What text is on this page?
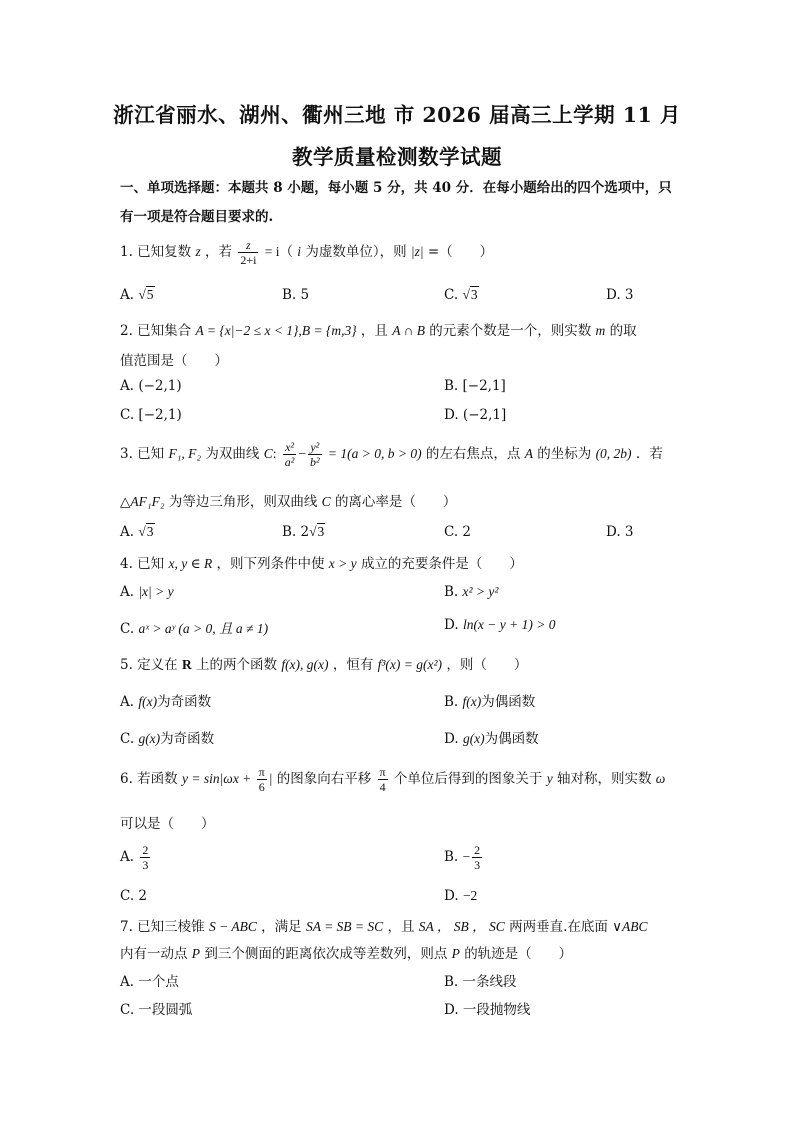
浙江省丽水、湖州、衢州三地 市 2026 届高三上学期 11 月
教学质量检测数学试题
一、单项选择题：本题共 8 小题，每小题 5 分，共 40 分．在每小题给出的四个选项中，只
有一项是符合题目要求的.
1. 已知复数 z ，若 $\frac{z}{2+i} = i$（ i 为虚数单位），则 |z| =（　　）
A. √5	B. 5	C. √3	D. 3
2. 已知集合 A = {x|−2 ≤ x < 1},B = {m,3} ，且 A ∩ B 的元素个数是一个，则实数 m 的取
值范围是（　　）
A. (−2,1)	B. [−2,1]
C. [−2,1)	D. (−2,1]
3. 已知 F₁, F₂ 为双曲线 C: $\frac{\text{x²}}{\text{a²}} - \frac{\text{y²}}{\text{b²}} = 1(a > 0$, b > 0) 的左右焦点，点 A 的坐标为 (0, 2b) ．若
△AF₁F₂ 为等边三角形，则双曲线 C 的离心率是（　　）
A. √3	B. 2√3	C. 2	D. 3
4. 已知 x, y ∈ R ，则下列条件中使 x > y 成立的充要条件是（　　）
A. |x| > y	B. x² > y²
C. aˣ > aʸ (a > 0, 且 a ≠ 1)	D. ln(x − y + 1) > 0
5. 定义在 R 上的两个函数 f(x), g(x) ，恒有 f³(x) = g(x²) ，则（　　）
A. f(x)为奇函数	B. f(x)为偶函数
C. g(x)为奇函数	D. g(x)为偶函数
6. 若函数 $y = \sin|\omega x + \frac{\pi}{6}$ | 的图象向右平移 $\frac{\pi}{4}$ 个单位后得到的图象关于 y 轴对称，则实数 ω
可以是（　　）
A. $\frac{2}{3}$	B. − $\frac{2}{3}$
C. 2	D. −2
7. 已知三棱锥 S − ABC ，满足 SA = SB = SC ，且 SA ， SB ， SC 两两垂直.在底面 ∨ABC
内有一动点 P 到三个侧面的距离依次成等差数列，则点 P 的轨迹是（　　）
A. 一个点	B. 一条线段
C. 一段圆弧	D. 一段抛物线
